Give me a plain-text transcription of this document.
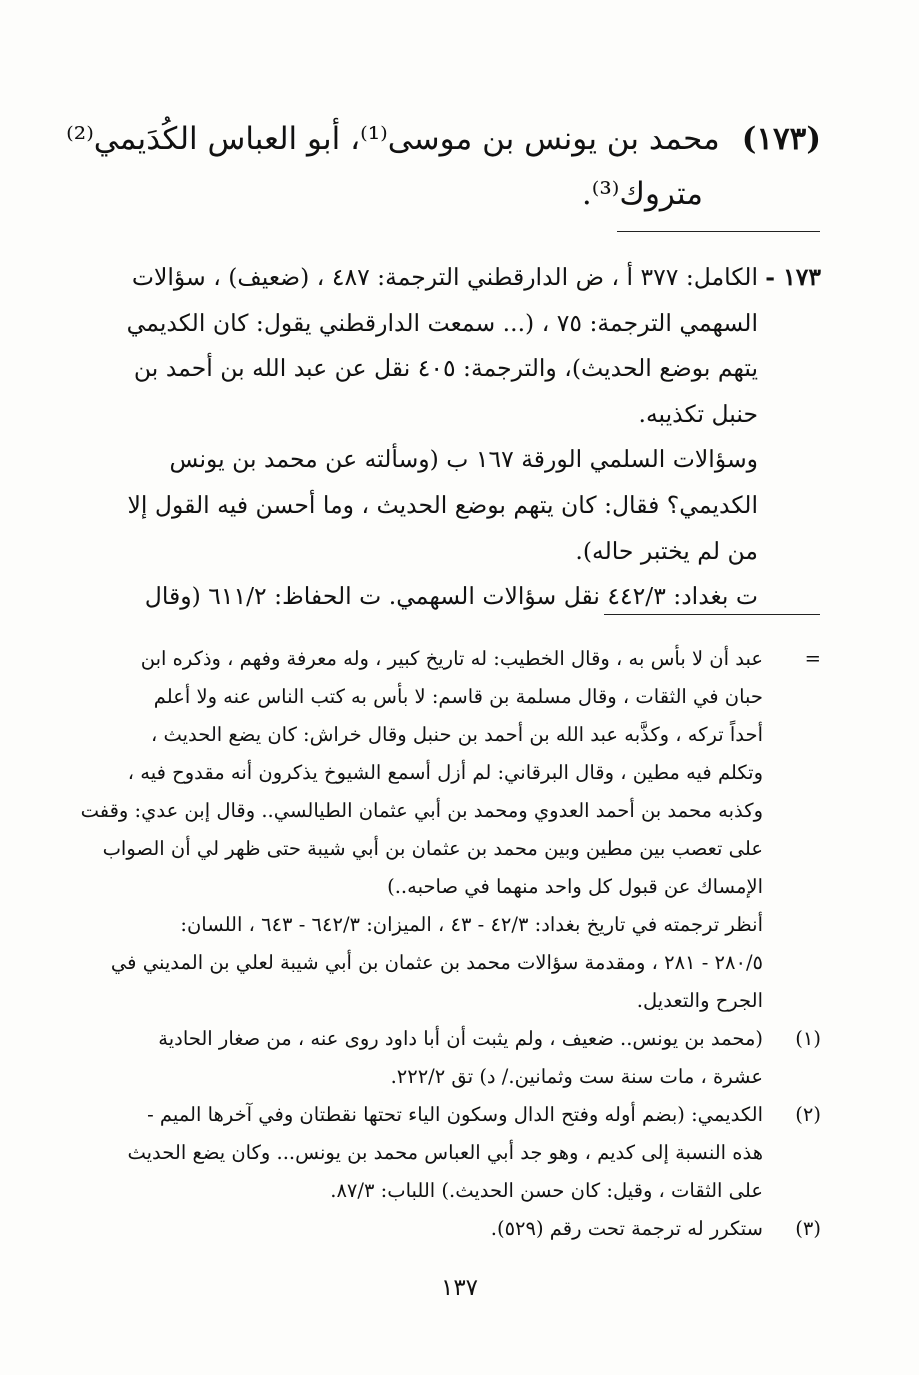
(١٧٣)محمد بن يونس بن موسى⁽¹⁾، أبو العباس الكُدَيمي⁽²⁾
متروك⁽³⁾.
١٧٣ -
الكامل: ٣٧٧ أ ، ض الدارقطني الترجمة: ٤٨٧ ، (ضعيف) ، سؤالات
السهمي الترجمة: ٧٥ ، (... سمعت الدارقطني يقول: كان الكديمي
يتهم بوضع الحديث)، والترجمة: ٤٠٥ نقل عن عبد الله بن أحمد بن
حنبل تكذيبه.
وسؤالات السلمي الورقة ١٦٧ ب (وسألته عن محمد بن يونس
الكديمي؟ فقال: كان يتهم بوضع الحديث ، وما أحسن فيه القول إلا
من لم يختبر حاله).
ت بغداد: ٤٤٢/٣ نقل سؤالات السهمي. ت الحفاظ: ٦١١/٢ (وقال
=
عبد أن لا بأس به ، وقال الخطيب: له تاريخ كبير ، وله معرفة وفهم ، وذكره ابن
حبان في الثقات ، وقال مسلمة بن قاسم: لا بأس به كتب الناس عنه ولا أعلم
أحداً تركه ، وكذَّبه عبد الله بن أحمد بن حنبل وقال خراش: كان يضع الحديث ،
وتكلم فيه مطين ، وقال البرقاني: لم أزل أسمع الشيوخ يذكرون أنه مقدوح فيه ،
وكذبه محمد بن أحمد العدوي ومحمد بن أبي عثمان الطيالسي.. وقال إبن عدي: وقفت
على تعصب بين مطين وبين محمد بن عثمان بن أبي شيبة حتى ظهر لي أن الصواب
الإمساك عن قبول كل واحد منهما في صاحبه..)
أنظر ترجمته في تاريخ بغداد: ٤٢/٣ - ٤٣ ، الميزان: ٦٤٢/٣ - ٦٤٣ ، اللسان:
٢٨٠/٥ - ٢٨١ ، ومقدمة سؤالات محمد بن عثمان بن أبي شيبة لعلي بن المديني في
الجرح والتعديل.
(١)
(محمد بن يونس.. ضعيف ، ولم يثبت أن أبا داود روى عنه ، من صغار الحادية
عشرة ، مات سنة ست وثمانين./ د) تق ٢٢٢/٢.
(٢)
الكديمي: (بضم أوله وفتح الدال وسكون الياء تحتها نقطتان وفي آخرها الميم -
هذه النسبة إلى كديم ، وهو جد أبي العباس محمد بن يونس... وكان يضع الحديث
على الثقات ، وقيل: كان حسن الحديث.) اللباب: ٨٧/٣.
(٣)
ستكرر له ترجمة تحت رقم (٥٢٩).
١٣٧
